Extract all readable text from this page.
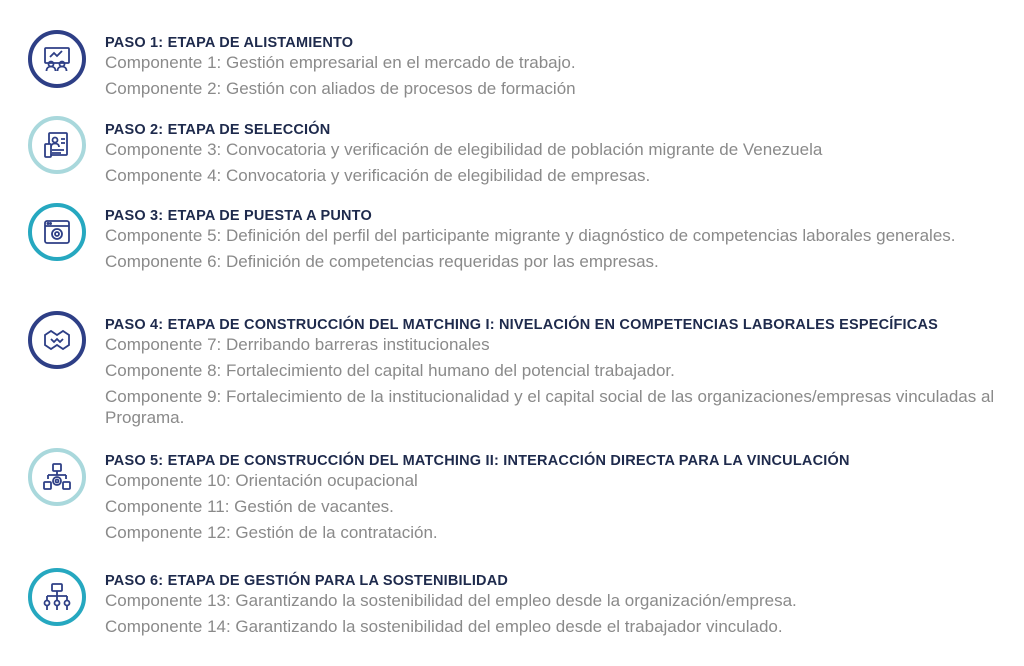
PASO 1: ETAPA DE ALISTAMIENTO
Componente 1: Gestión empresarial en el mercado de trabajo.
Componente 2: Gestión con aliados de procesos de formación
PASO 2: ETAPA DE SELECCIÓN
Componente 3: Convocatoria y verificación de elegibilidad de población migrante de Venezuela
Componente 4: Convocatoria y verificación de elegibilidad de empresas.
PASO 3: ETAPA DE PUESTA A PUNTO
Componente 5: Definición del perfil del participante migrante y diagnóstico de competencias laborales generales.
Componente 6: Definición de competencias requeridas por las empresas.
PASO 4: ETAPA DE CONSTRUCCIÓN DEL MATCHING I: NIVELACIÓN EN COMPETENCIAS LABORALES ESPECÍFICAS
Componente 7: Derribando barreras institucionales
Componente 8: Fortalecimiento del capital humano del potencial trabajador.
Componente 9: Fortalecimiento de la institucionalidad y el capital social de las organizaciones/empresas vinculadas al Programa.
PASO 5: ETAPA DE CONSTRUCCIÓN DEL MATCHING II: INTERACCIÓN DIRECTA PARA LA VINCULACIÓN
Componente 10: Orientación ocupacional
Componente 11: Gestión de vacantes.
Componente 12: Gestión de la contratación.
PASO 6: ETAPA DE GESTIÓN PARA LA SOSTENIBILIDAD
Componente 13: Garantizando la sostenibilidad del empleo desde la organización/empresa.
Componente 14: Garantizando la sostenibilidad del empleo desde el trabajador vinculado.
